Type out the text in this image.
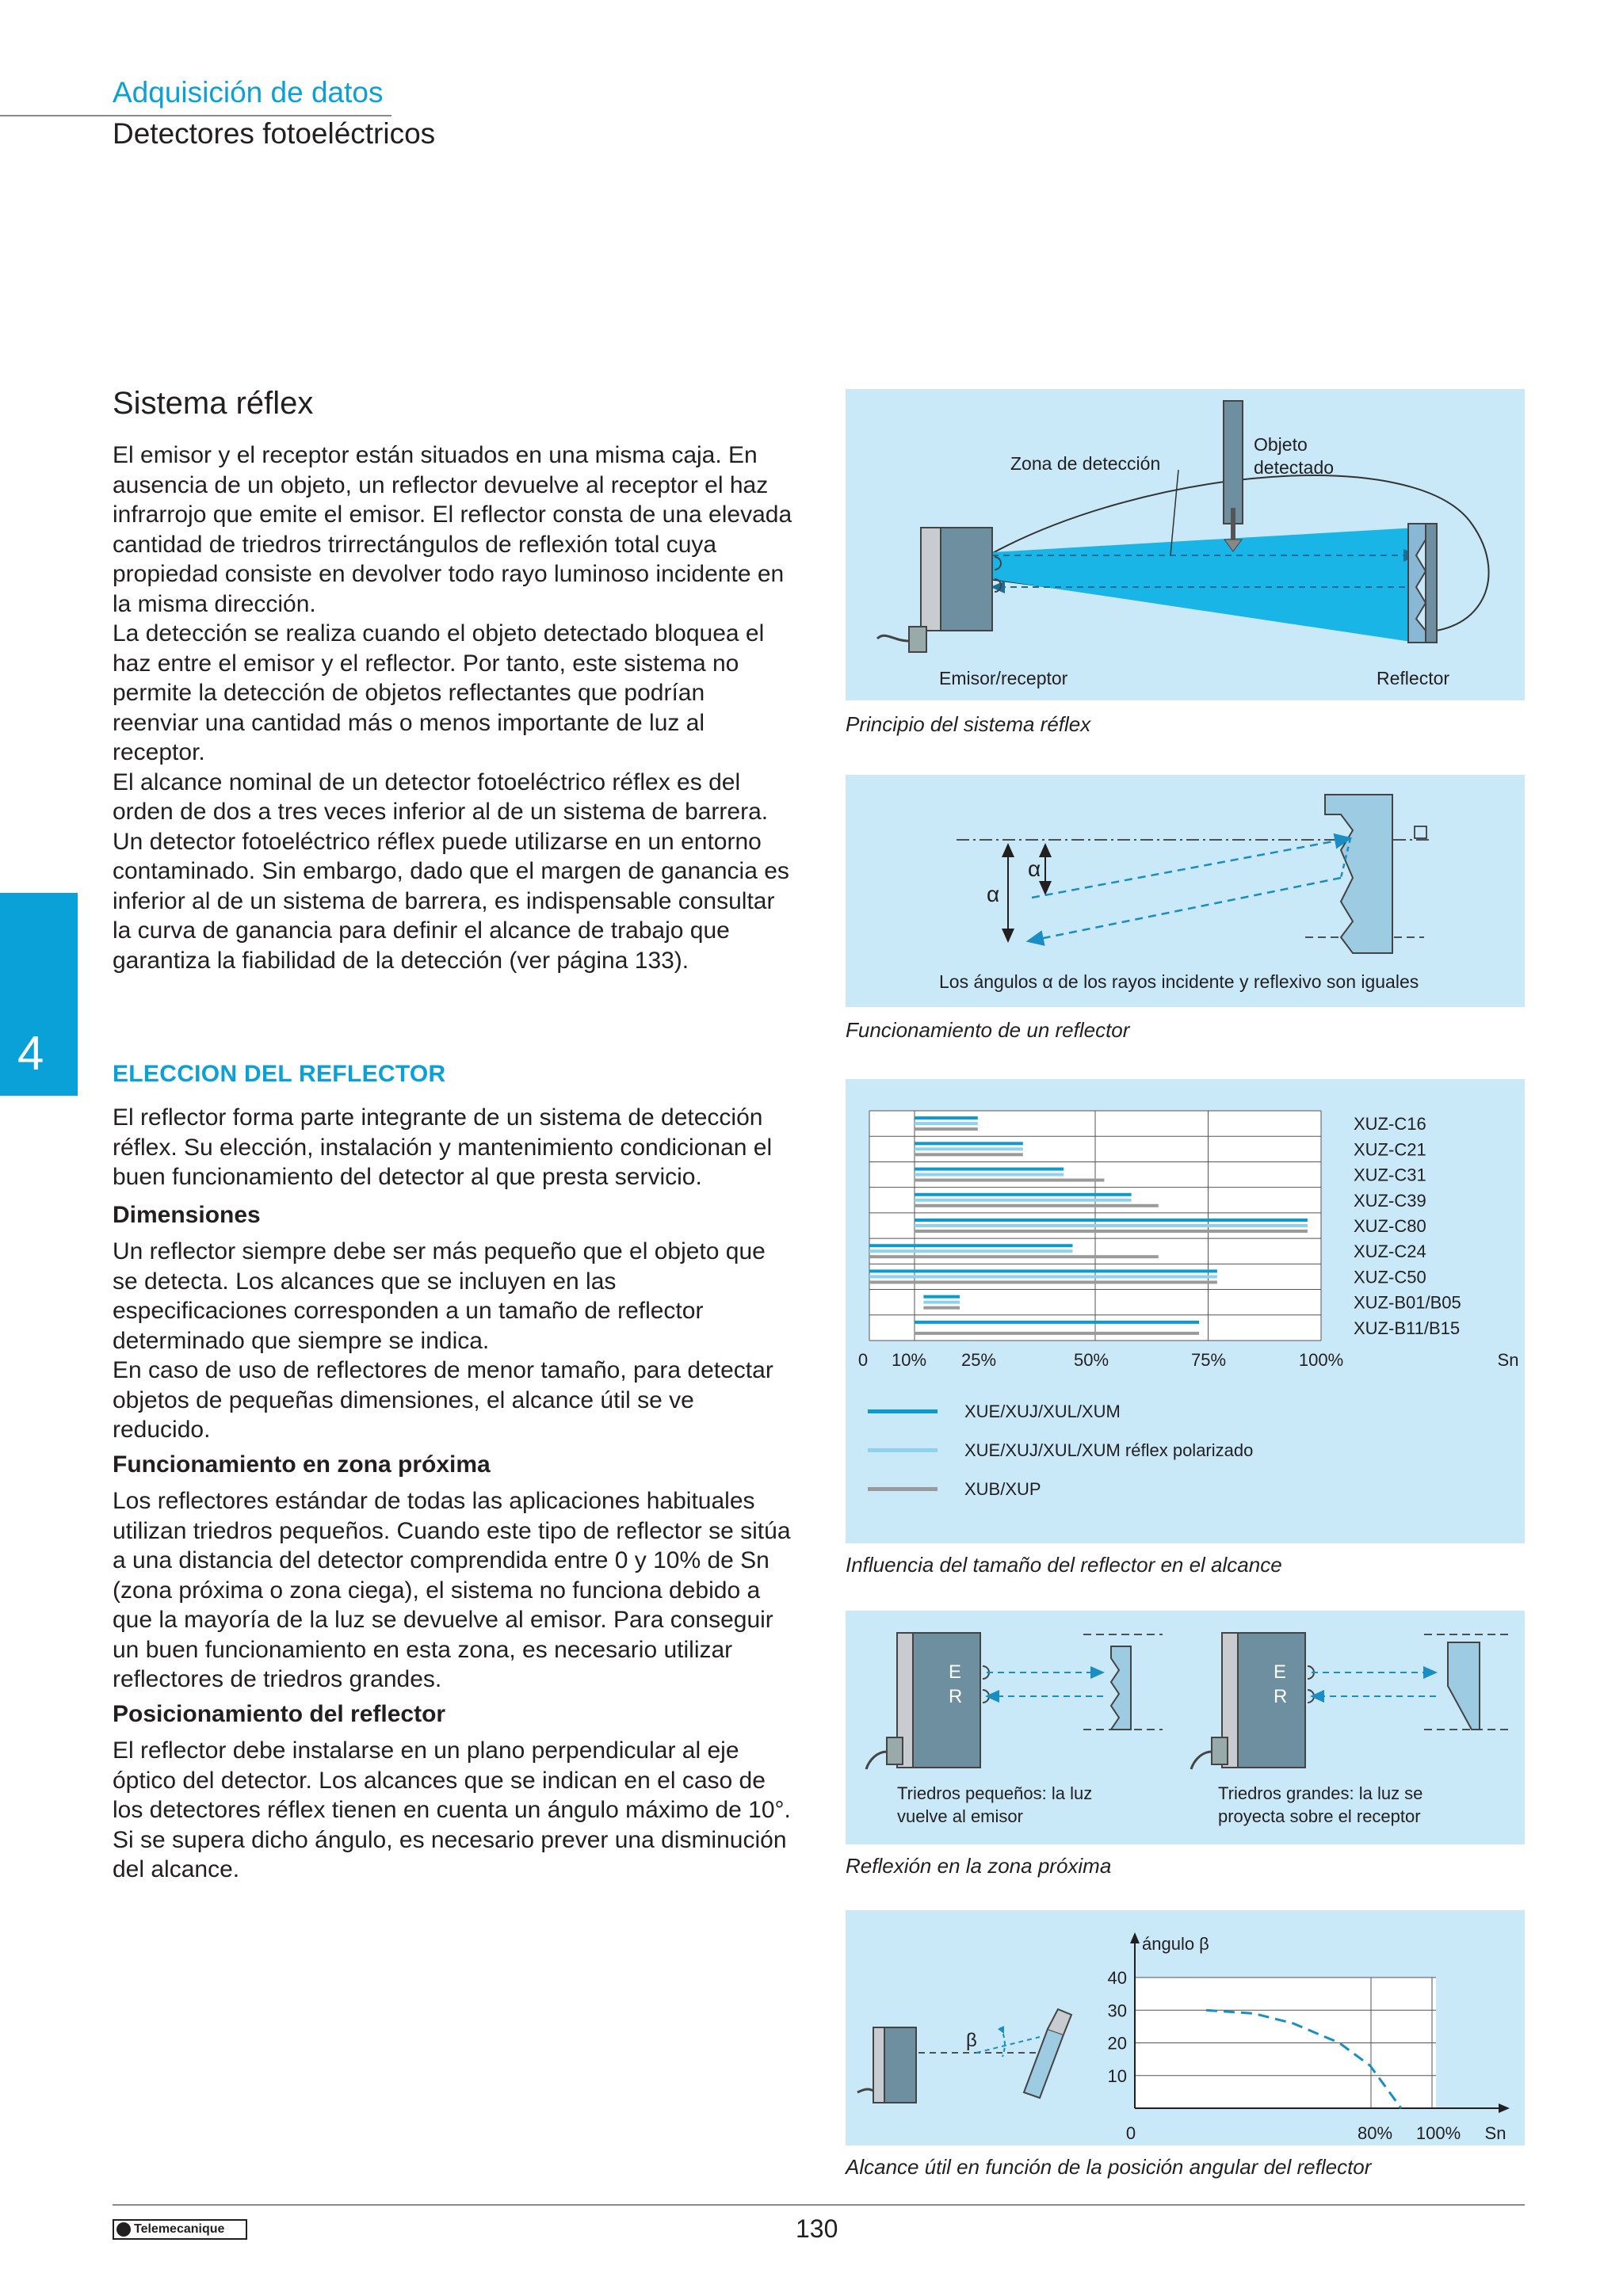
Adquisición de datos
Detectores fotoeléctricos
4
Sistema réflex

El emisor y el receptor están situados en una misma caja. En ausencia de un objeto, un reflector devuelve al receptor el haz infrarrojo que emite el emisor. El reflector consta de una elevada cantidad de triedros trirrectángulos de reflexión total cuya propiedad consiste en devolver todo rayo luminoso incidente en la misma dirección.

La detección se realiza cuando el objeto detectado bloquea el haz entre el emisor y el reflector. Por tanto, este sistema no permite la detección de objetos reflectantes que podrían reenviar una cantidad más o menos importante de luz al receptor.

El alcance nominal de un detector fotoeléctrico réflex es del orden de dos a tres veces inferior al de un sistema de barrera.

Un detector fotoeléctrico réflex puede utilizarse en un entorno contaminado. Sin embargo, dado que el margen de ganancia es inferior al de un sistema de barrera, es indispensable consultar la curva de ganancia para definir el alcance de trabajo que garantiza la fiabilidad de la detección (ver página 133).

ELECCION DEL REFLECTOR
El reflector forma parte integrante de un sistema de detección réflex. Su elección, instalación y mantenimiento condicionan el buen funcionamiento del detector al que presta servicio.
Dimensiones

Un reflector siempre debe ser más pequeño que el objeto que se detecta. Los alcances que se incluyen en las especificaciones corresponden a un tamaño de reflector determinado que siempre se indica.

En caso de uso de reflectores de menor tamaño, para detectar objetos de pequeñas dimensiones, el alcance útil se ve reducido.

Funcionamiento en zona próxima
Los reflectores estándar de todas las aplicaciones habituales utilizan triedros pequeños. Cuando este tipo de reflector se sitúa a una distancia del detector comprendida entre 0 y 10% de Sn (zona próxima o zona ciega), el sistema no funciona debido a que la mayoría de la luz se devuelve al emisor. Para conseguir un buen funcionamiento en esta zona, es necesario utilizar reflectores de triedros grandes.
Posicionamiento del reflector
El reflector debe instalarse en un plano perpendicular al eje óptico del detector. Los alcances que se indican en el caso de los detectores réflex tienen en cuenta un ángulo máximo de 10°. Si se supera dicho ángulo, es necesario prever una disminución del alcance.
Zona de detección
Objeto
detectado
Emisor/receptor	Reflector
Principio del sistema réflex
α
α
Los ángulos α de los rayos incidente y reflexivo son iguales
Funcionamiento de un reflector
XUZ-C16
XUZ-C21
XUZ-C31
XUZ-C39
XUZ-C80
XUZ-C24
XUZ-C50
XUZ-B01/B05
XUZ-B11/B15
0 10% 25%	50%	75%	100%	Sn
XUE/XUJ/XUL/XUM
XUE/XUJ/XUL/XUM réflex polarizado
XUB/XUP
Influencia del tamaño del reflector en el alcance
E
R
Triedros pequeños: la luz
vuelve al emisor
E
R
Triedros grandes: la luz se
proyecta sobre el receptor
Reflexión en la zona próxima
β
10
20
30
40
ángulo β
0	80% 100% Sn
Alcance útil en función de la posición angular del reflector
Telemecanique	130
